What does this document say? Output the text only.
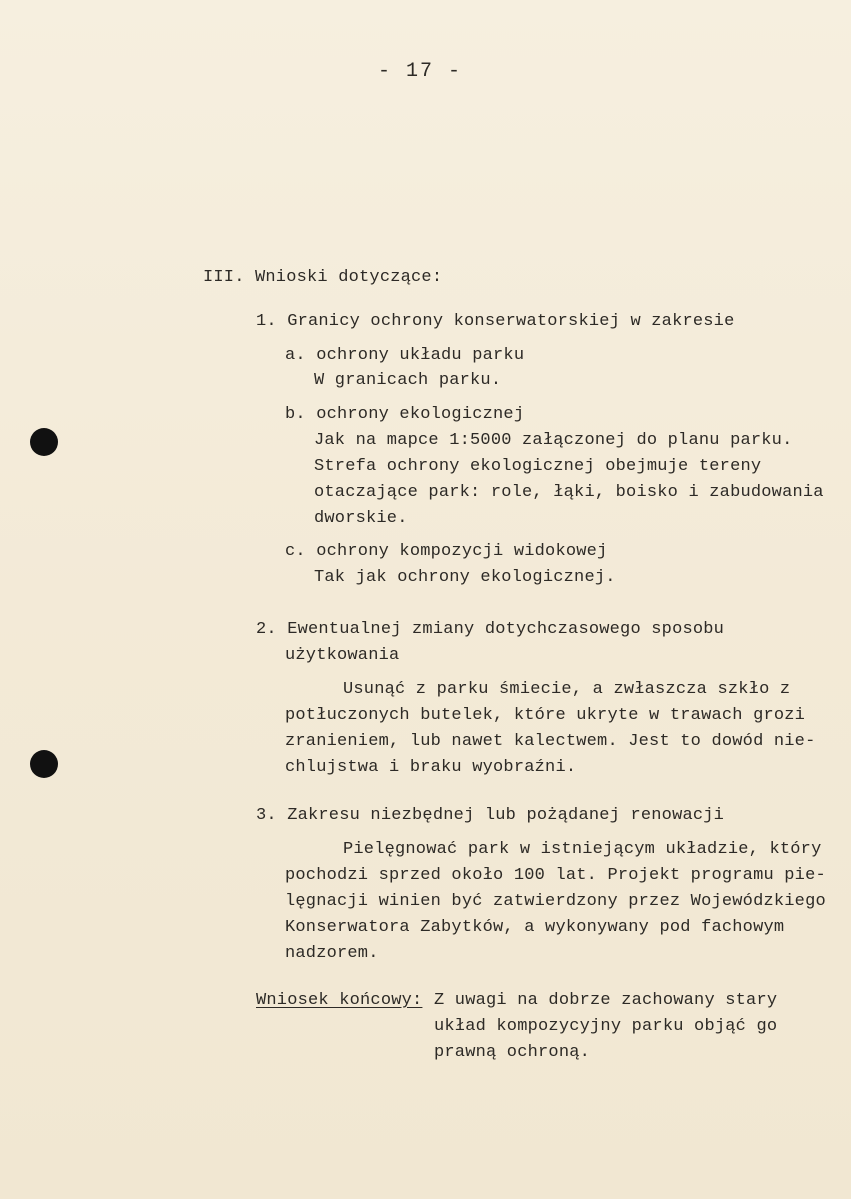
- 17 -
III. Wnioski dotyczące:
1. Granicy ochrony konserwatorskiej w zakresie
a. ochrony układu parku
W granicach parku.
b. ochrony ekologicznej
Jak na mapce 1:5000 załączonej do planu parku.
Strefa ochrony ekologicznej obejmuje tereny
otaczające park: role, łąki, boisko i zabudowania
dworskie.
c. ochrony kompozycji widokowej
Tak jak ochrony ekologicznej.
2. Ewentualnej zmiany dotychczasowego sposobu
użytkowania
Usunąć z parku śmiecie, a zwłaszcza szkło z
potłuczonych butelek, które ukryte w trawach grozi
zranieniem, lub nawet kalectwem. Jest to dowód nie-
chlujstwa i braku wyobraźni.
3. Zakresu niezbędnej lub pożądanej renowacji
Pielęgnować park w istniejącym układzie, który
pochodzi sprzed około 100 lat. Projekt programu pie-
lęgnacji winien być zatwierdzony przez Wojewódzkiego
Konserwatora Zabytków, a wykonywany pod fachowym
nadzorem.
Wniosek końcowy: Z uwagi na dobrze zachowany stary
układ kompozycyjny parku objąć go
prawną ochroną.
